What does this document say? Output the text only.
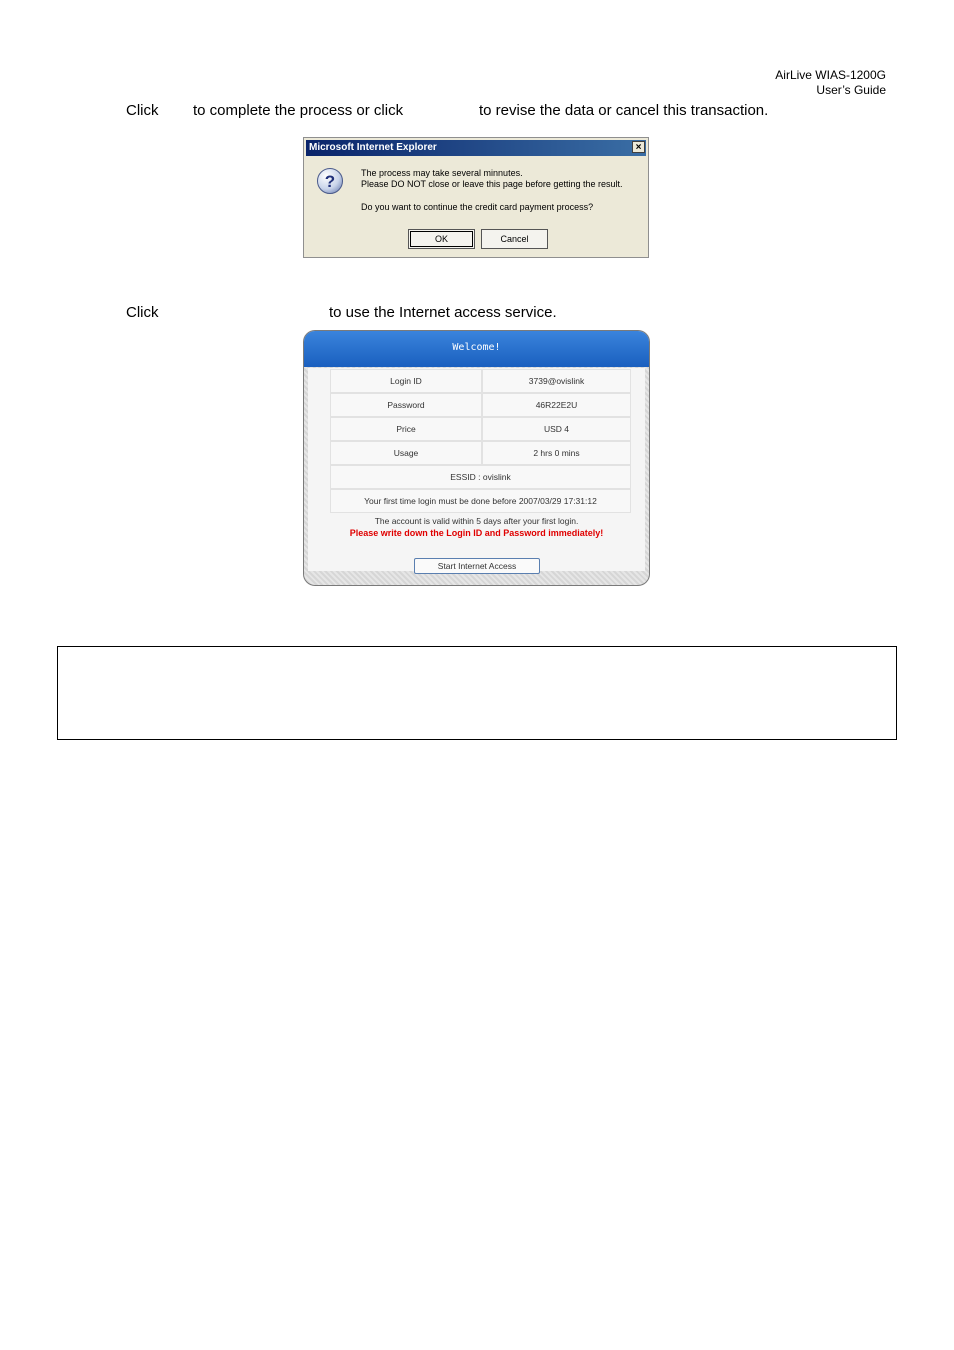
AirLive WIAS-1200G
User’s Guide
Click to complete the process or click	to revise the data or cancel this transaction.
Microsoft Internet Explorer	×
?	The process may take several minnutes.
Please DO NOT close or leave this page before getting the result.
Do you want to continue the credit card payment process?
OK	Cancel
Click	to use the Internet access service.
Welcome!
Login ID	3739@ovislink
Password	46R22E2U
Price	USD 4
Usage	2 hrs 0 mins
ESSID : ovislink	
Your first time login must be done before 2007/03/29 17:31:12	
The account is valid within 5 days after your first login.
Please write down the Login ID and Password immediately!
Start Internet Access
